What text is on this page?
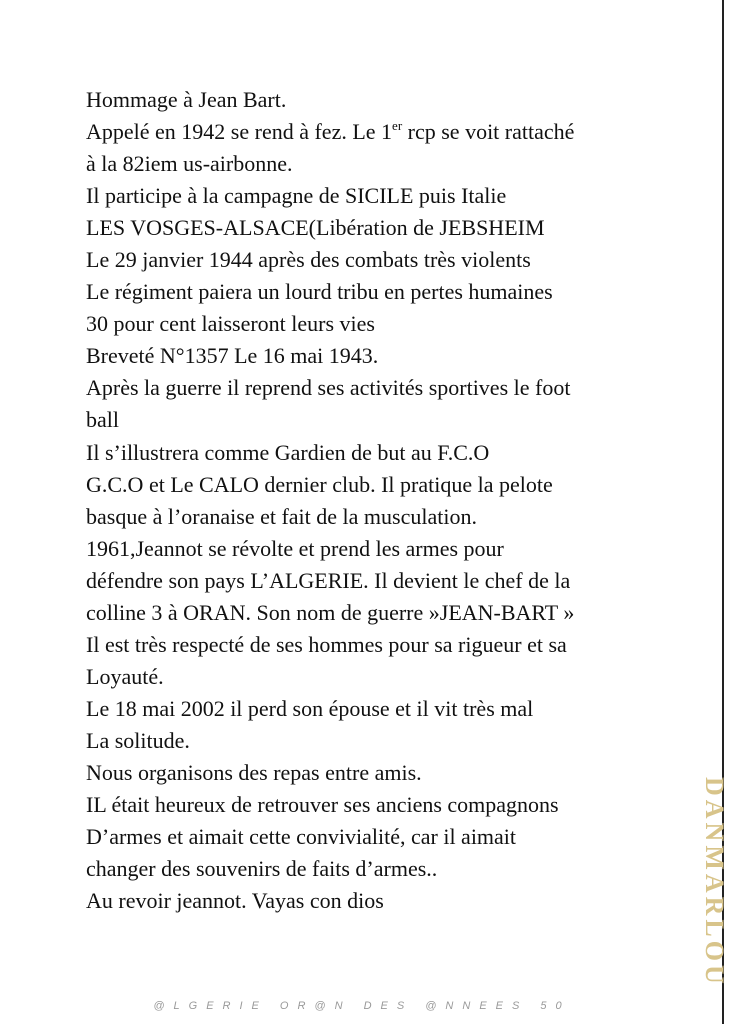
Hommage à Jean Bart.
Appelé en 1942 se rend à fez. Le 1er rcp se voit rattaché
à la 82iem us-airbonne.
Il participe à la campagne de SICILE puis Italie
LES VOSGES-ALSACE(Libération de JEBSHEIM
Le 29 janvier 1944 après des combats très violents
Le régiment paiera un lourd tribu en pertes humaines
30 pour cent laisseront leurs vies
Breveté N°1357 Le 16 mai 1943.
Après la guerre il reprend ses activités sportives le foot
ball
Il s’illustrera comme Gardien de but au F.C.O
G.C.O et Le CALO dernier club. Il pratique la pelote
basque à l’oranaise et fait de la musculation.
1961,Jeannot se révolte et prend les armes pour
défendre son pays L’ALGERIE. Il devient le chef de la
colline 3 à ORAN. Son nom de guerre »JEAN-BART »
Il est très respecté de ses hommes pour sa rigueur et sa
Loyauté.
Le 18 mai 2002 il perd son épouse et il vit très mal
La solitude.
Nous organisons des repas entre amis.
IL était heureux de retrouver ses anciens compagnons
D’armes et aimait cette convivialité, car il aimait
changer des souvenirs de faits d’armes..
Au revoir jeannot. Vayas con dios	DANMARLOU
@LGERIE OR@N DES @NNEES 50
